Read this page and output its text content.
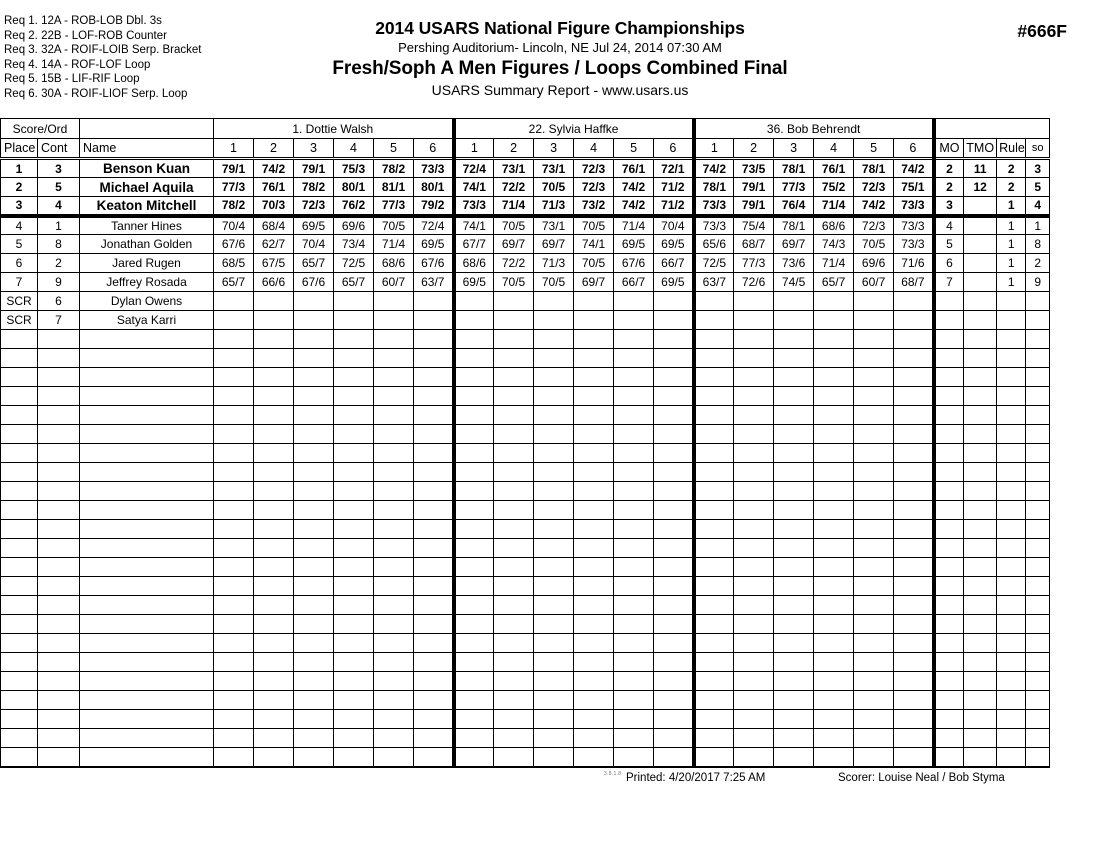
Req 1. 12A - ROB-LOB Dbl. 3s
Req 2. 22B - LOF-ROB Counter
Req 3. 32A - ROIF-LOIB Serp. Bracket
Req 4. 14A - ROF-LOF Loop
Req 5. 15B - LIF-RIF Loop
Req 6. 30A - ROIF-LIOF Serp. Loop
2014 USARS National Figure Championships
Pershing Auditorium- Lincoln, NE Jul 24, 2014 07:30 AM
Fresh/Soph A Men Figures / Loops Combined Final
USARS Summary Report - www.usars.us
#666F
Score/Ord			1. Dottie Walsh						22. Sylvia Haffke						36. Bob Behrendt									
Place	Cont	Name	1	2	3	4	5	6	1	2	3	4	5	6	1	2	3	4	5	6	MO	TMO	Rule	so
1	3	Benson Kuan	79/1	74/2	79/1	75/3	78/2	73/3	72/4	73/1	73/1	72/3	76/1	72/1	74/2	73/5	78/1	76/1	78/1	74/2	2	11	2	3
2	5	Michael Aquila	77/3	76/1	78/2	80/1	81/1	80/1	74/1	72/2	70/5	72/3	74/2	71/2	78/1	79/1	77/3	75/2	72/3	75/1	2	12	2	5
3	4	Keaton Mitchell	78/2	70/3	72/3	76/2	77/3	79/2	73/3	71/4	71/3	73/2	74/2	71/2	73/3	79/1	76/4	71/4	74/2	73/3	3		1	4
4	1	Tanner Hines	70/4	68/4	69/5	69/6	70/5	72/4	74/1	70/5	73/1	70/5	71/4	70/4	73/3	75/4	78/1	68/6	72/3	73/3	4		1	1
5	8	Jonathan Golden	67/6	62/7	70/4	73/4	71/4	69/5	67/7	69/7	69/7	74/1	69/5	69/5	65/6	68/7	69/7	74/3	70/5	73/3	5		1	8
6	2	Jared Rugen	68/5	67/5	65/7	72/5	68/6	67/6	68/6	72/2	71/3	70/5	67/6	66/7	72/5	77/3	73/6	71/4	69/6	71/6	6		1	2
7	9	Jeffrey Rosada	65/7	66/6	67/6	65/7	60/7	63/7	69/5	70/5	70/5	69/7	66/7	69/5	63/7	72/6	74/5	65/7	60/7	68/7	7		1	9
SCR	6	Dylan Owens																						
SCR	7	Satya Karri																						

3.8.1.8 Printed: 4/20/2017 7:25 AM	Scorer: Louise Neal / Bob Styma
